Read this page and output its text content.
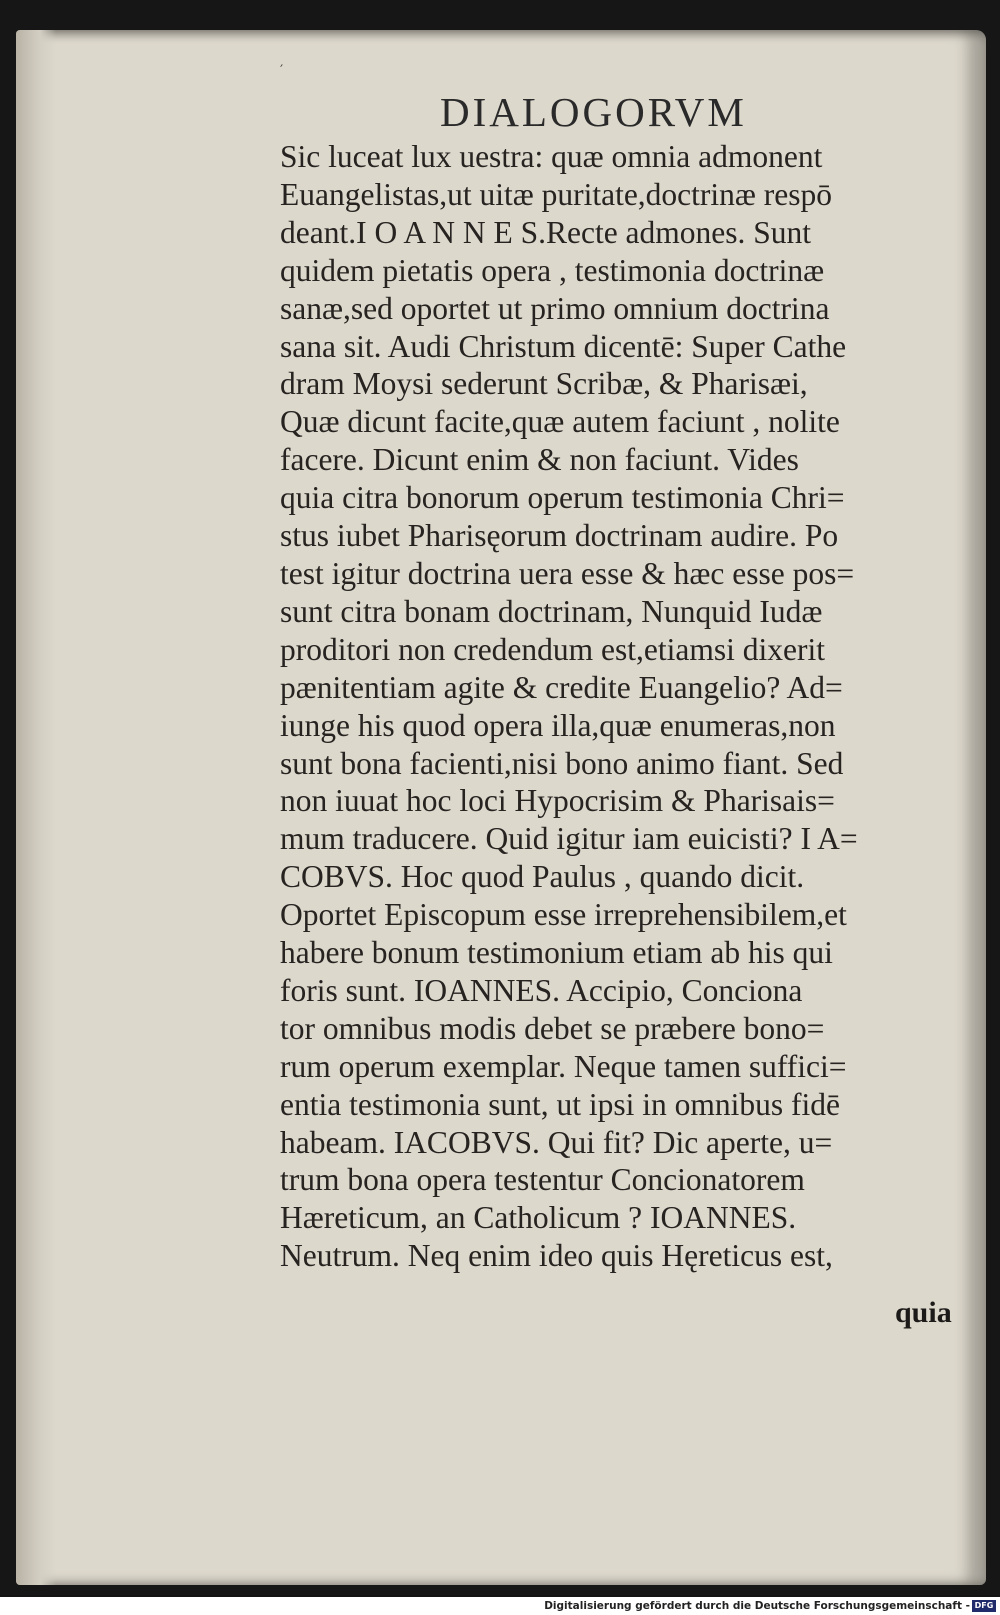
′
DIALOGORVM
Sic luceat lux uestra: quæ omnia admonent
Euangelistas,ut uitæ puritate,doctrinæ respō
deant.I O A N N E S.Recte admones. Sunt
quidem pietatis opera , testimonia doctrinæ
sanæ,sed oportet ut primo omnium doctrina
sana sit. Audi Christum dicentē: Super Cathe
dram Moysi sederunt Scribæ, & Pharisæi,
Quæ dicunt facite,quæ autem faciunt , nolite
facere. Dicunt enim & non faciunt. Vides
quia citra bonorum operum testimonia Chri=
stus iubet Pharisęorum doctrinam audire. Po
test igitur doctrina uera esse & hæc esse pos=
sunt citra bonam doctrinam, Nunquid Iudæ
proditori non credendum est,etiamsi dixerit
pænitentiam agite & credite Euangelio? Ad=
iunge his quod opera illa,quæ enumeras,non
sunt bona facienti,nisi bono animo fiant. Sed
non iuuat hoc loci Hypocrisim & Pharisais=
mum traducere. Quid igitur iam euicisti? I A=
COBVS. Hoc quod Paulus , quando dicit.
Oportet Episcopum esse irreprehensibilem,et
habere bonum testimonium etiam ab his qui
foris sunt. IOANNES. Accipio, Conciona
tor omnibus modis debet se præbere bono=
rum operum exemplar. Neque tamen suffici=
entia testimonia sunt, ut ipsi in omnibus fidē
habeam. IACOBVS. Qui fit? Dic aperte, u=
trum bona opera testentur Concionatorem
Hæreticum, an Catholicum ? IOANNES.
Neutrum. Neq enim ideo quis Hęreticus est,
quia
Digitalisierung gefördert durch die Deutsche Forschungsgemeinschaft - DFG
